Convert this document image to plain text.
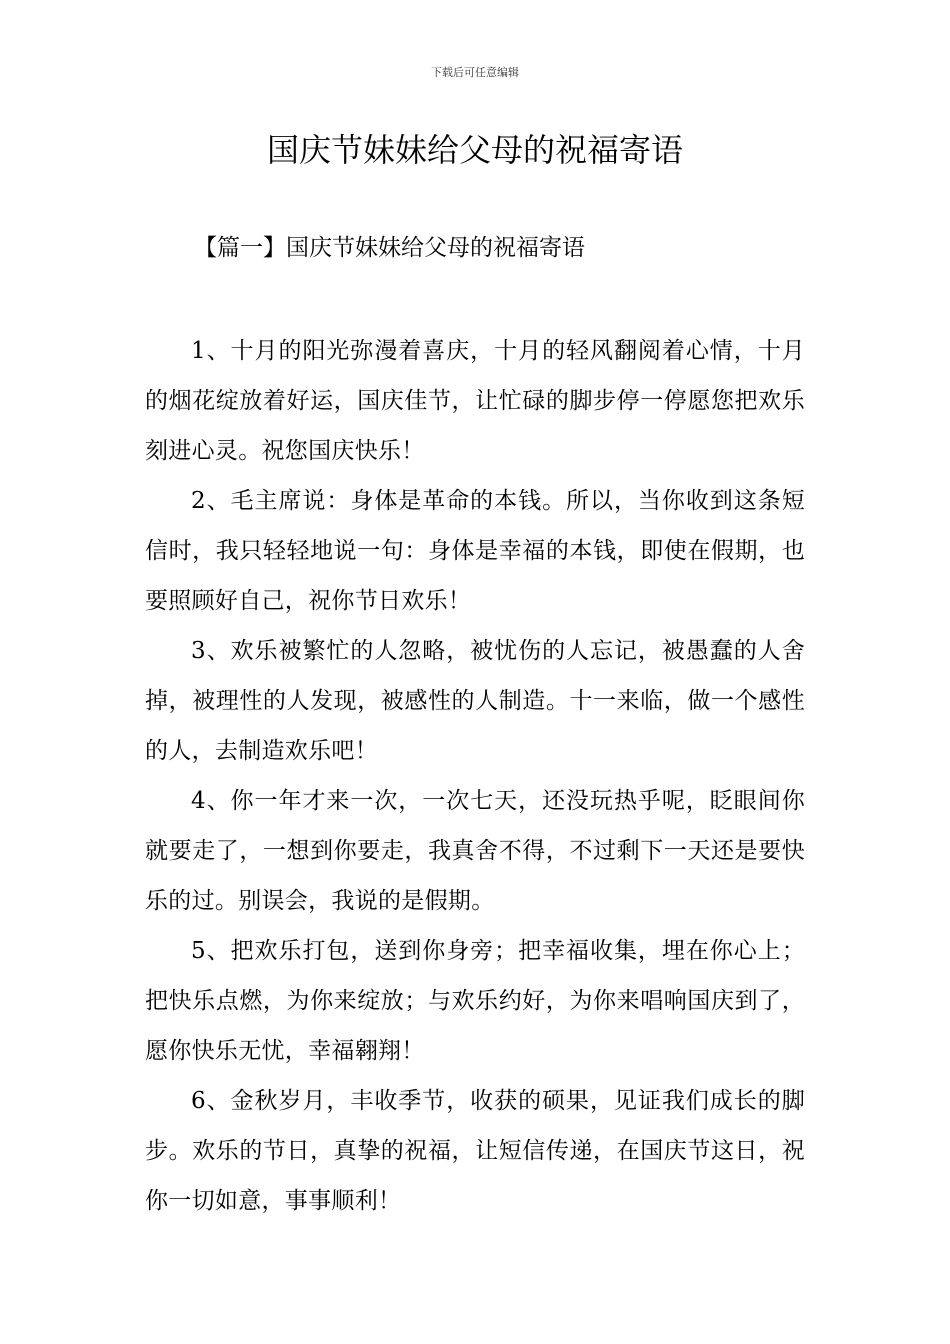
下载后可任意编辑
国庆节妹妹给父母的祝福寄语
【篇一】国庆节妹妹给父母的祝福寄语

1、十月的阳光弥漫着喜庆，十月的轻风翻阅着心情，十月的烟花绽放着好运，国庆佳节，让忙碌的脚步停一停愿您把欢乐刻进心灵。祝您国庆快乐！

2、毛主席说：身体是革命的本钱。所以，当你收到这条短信时，我只轻轻地说一句：身体是幸福的本钱，即使在假期，也要照顾好自己，祝你节日欢乐！

3、欢乐被繁忙的人忽略，被忧伤的人忘记，被愚蠢的人舍掉，被理性的人发现，被感性的人制造。十一来临，做一个感性的人，去制造欢乐吧！

4、你一年才来一次，一次七天，还没玩热乎呢，眨眼间你就要走了，一想到你要走，我真舍不得，不过剩下一天还是要快乐的过。别误会，我说的是假期。

5、把欢乐打包，送到你身旁；把幸福收集，埋在你心上；把快乐点燃，为你来绽放；与欢乐约好，为你来唱响国庆到了，愿你快乐无忧，幸福翱翔！

6、金秋岁月，丰收季节，收获的硕果，见证我们成长的脚步。欢乐的节日，真挚的祝福，让短信传递，在国庆节这日，祝你一切如意，事事顺利！
